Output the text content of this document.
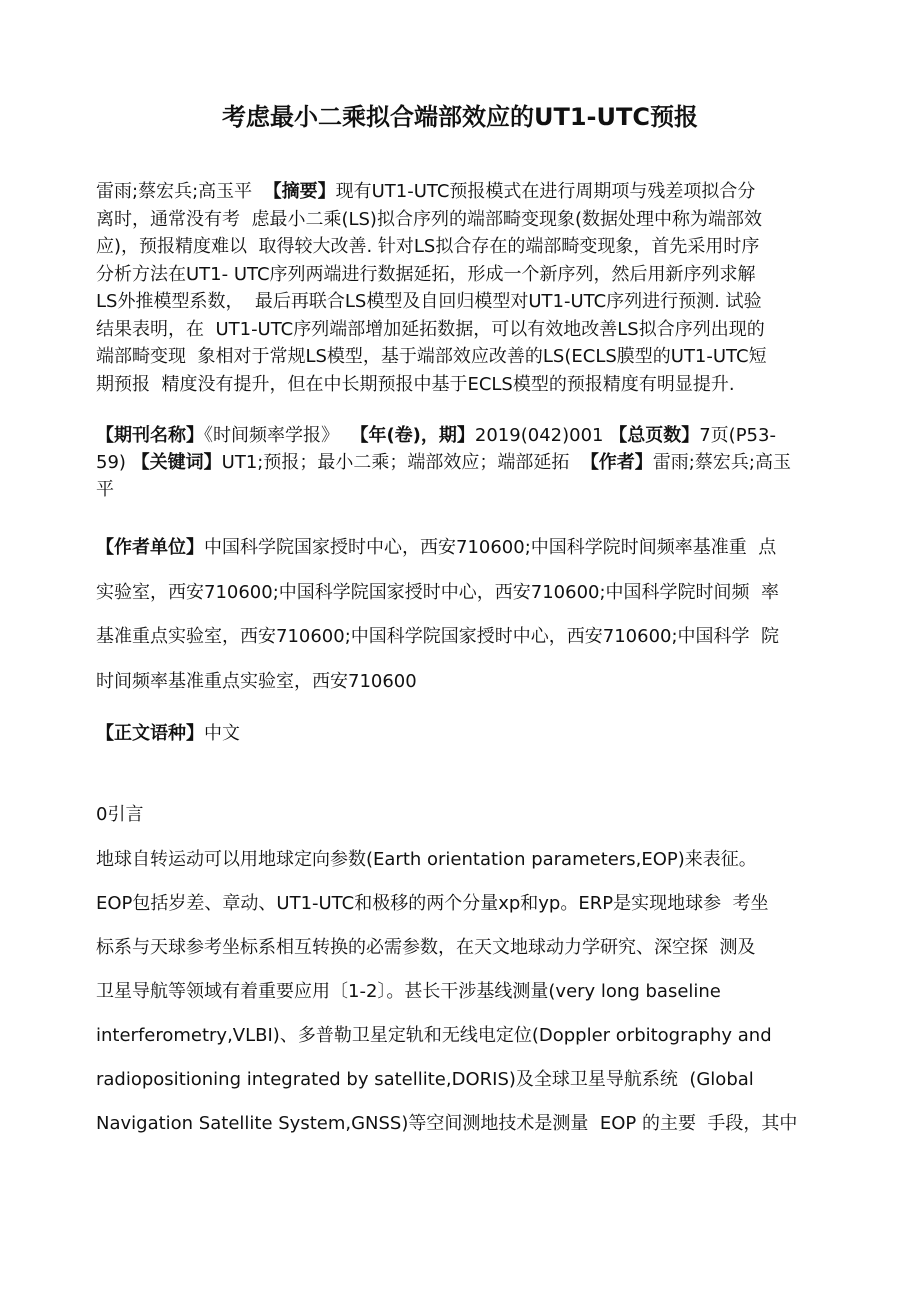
考虑最小二乘拟合端部效应的UT1-UTC预报
雷雨;蔡宏兵;高玉平 【摘要】现有UT1-UTC预报模式在进行周期项与残差项拟合分
离时，通常没有考  虑最小二乘(LS)拟合序列的端部畸变现象(数据处理中称为端部效
应)，预报精度难以  取得较大改善. 针对LS拟合存在的端部畸变现象，首先采用时序
分析方法在UT1- UTC序列两端进行数据延拓，形成一个新序列，然后用新序列求解
LS外推模型系数，  最后再联合LS模型及自回归模型对UT1-UTC序列进行预测. 试验
结果表明，在  UT1-UTC序列端部增加延拓数据，可以有效地改善LS拟合序列出现的
端部畸变现  象相对于常规LS模型，基于端部效应改善的LS(ECLS膜型的UT1-UTC短
期预报  精度没有提升，但在中长期预报中基于ECLS模型的预报精度有明显提升.
【期刊名称】《时间频率学报》 【年(卷)，期】2019(042)001 【总页数】7页(P53-
59) 【关键词】UT1;预报；最小二乘；端部效应；端部延拓 【作者】雷雨;蔡宏兵;高玉
平
【作者单位】中国科学院国家授时中心，西安710600;中国科学院时间频率基准重  点
实验室，西安710600;中国科学院国家授时中心，西安710600;中国科学院时间频  率
基准重点实验室，西安710600;中国科学院国家授时中心，西安710600;中国科学  院
时间频率基准重点实验室，西安710600
【正文语种】中文
0引言
地球自转运动可以用地球定向参数(Earth orientation parameters,EOP)来表征。
EOP包括岁差、章动、UT1-UTC和极移的两个分量xp和yp。ERP是实现地球参  考坐
标系与天球参考坐标系相互转换的必需参数，在天文地球动力学研究、深空探  测及
卫星导航等领域有着重要应用〔1-2〕。甚长干涉基线测量(very long baseline
interferometry,VLBI)、多普勒卫星定轨和无线电定位(Doppler orbitography and
radiopositioning integrated by satellite,DORIS)及全球卫星导航系统  (Global
Navigation Satellite System,GNSS)等空间测地技术是测量  EOP 的主要  手段，其中
